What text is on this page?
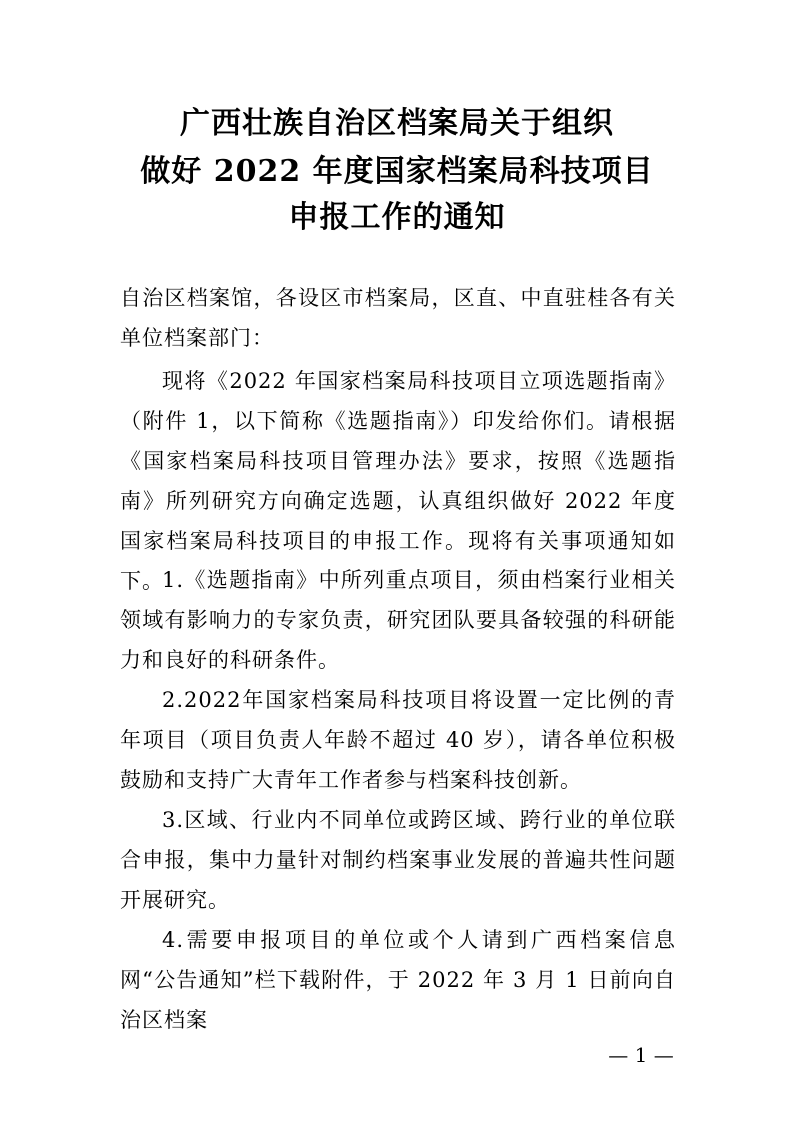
广西壮族自治区档案局关于组织
做好 2022 年度国家档案局科技项目
申报工作的通知
自治区档案馆，各设区市档案局，区直、中直驻桂各有关单位档案部门：
现将《2022 年国家档案局科技项目立项选题指南》（附件 1，以下简称《选题指南》）印发给你们。请根据《国家档案局科技项目管理办法》要求，按照《选题指南》所列研究方向确定选题，认真组织做好 2022 年度国家档案局科技项目的申报工作。现将有关事项通知如下。
1.《选题指南》中所列重点项目，须由档案行业相关领域有影响力的专家负责，研究团队要具备较强的科研能力和良好的科研条件。
2.2022年国家档案局科技项目将设置一定比例的青年项目（项目负责人年龄不超过 40 岁），请各单位积极鼓励和支持广大青年工作者参与档案科技创新。
3.区域、行业内不同单位或跨区域、跨行业的单位联合申报，集中力量针对制约档案事业发展的普遍共性问题开展研究。
4.需要申报项目的单位或个人请到广西档案信息网“公告通知”栏下载附件，于 2022 年 3 月 1 日前向自治区档案
— 1 —
